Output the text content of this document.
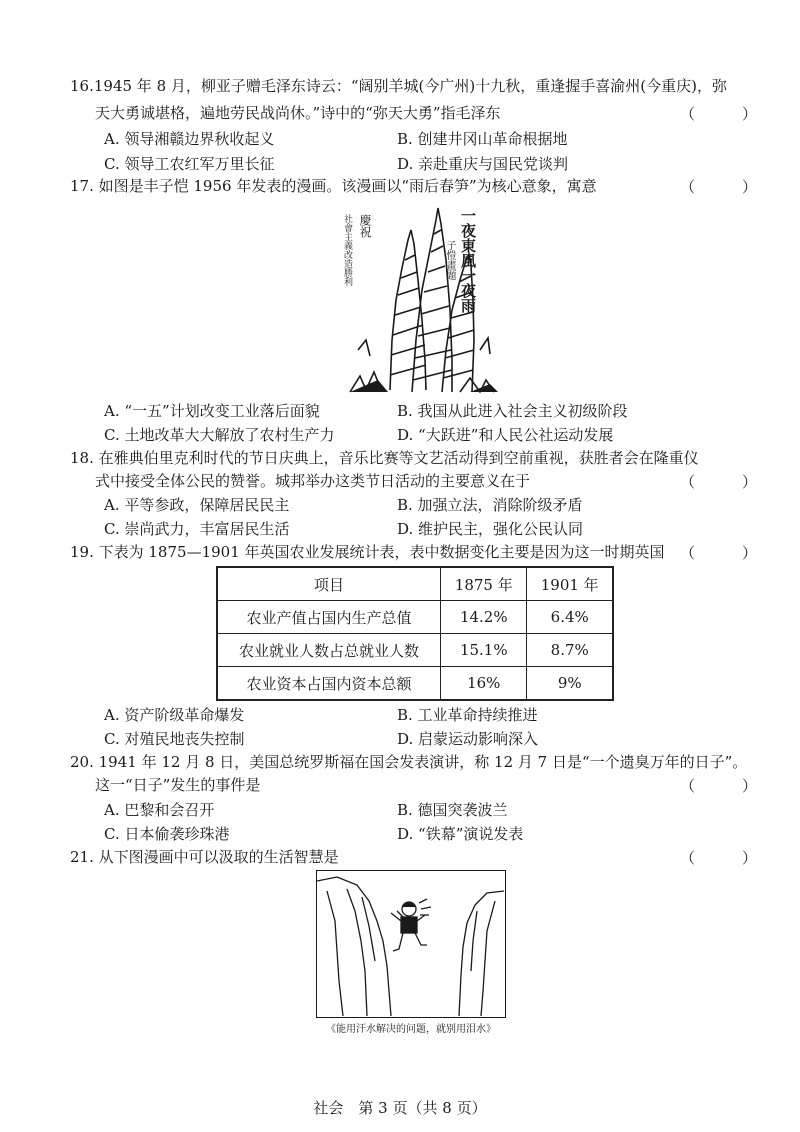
16.1945 年 8 月，柳亚子赠毛泽东诗云：“阔别羊城(今广州)十九秋，重逢握手喜渝州(今重庆)，弥
天大勇诚堪格，遍地劳民战尚休。”诗中的“弥天大勇”指毛泽东	（　）
A. 领导湘赣边界秋收起义	B. 创建井冈山革命根据地
C. 领导工农红军万里长征	D. 亲赴重庆与国民党谈判
17. 如图是丰子恺 1956 年发表的漫画。该漫画以“雨后春笋”为核心意象，寓意	（　）
慶祝
社會主義改造勝利	一夜東風一夜雨
子愷畫題
A. “一五”计划改变工业落后面貌	B. 我国从此进入社会主义初级阶段
C. 土地改革大大解放了农村生产力	D. “大跃进”和人民公社运动发展
18. 在雅典伯里克利时代的节日庆典上，音乐比赛等文艺活动得到空前重视，获胜者会在隆重仪
式中接受全体公民的赞誉。城邦举办这类节日活动的主要意义在于	（　）
A. 平等参政，保障居民民主	B. 加强立法，消除阶级矛盾
C. 崇尚武力，丰富居民生活	D. 维护民主，强化公民认同
19. 下表为 1875—1901 年英国农业发展统计表，表中数据变化主要是因为这一时期英国	（　）
项目	1875 年	1901 年
农业产值占国内生产总值	14.2%	6.4%
农业就业人数占总就业人数	15.1%	8.7%
农业资本占国内资本总额	16%	9%
A. 资产阶级革命爆发	B. 工业革命持续推进
C. 对殖民地丧失控制	D. 启蒙运动影响深入
20. 1941 年 12 月 8 日，美国总统罗斯福在国会发表演讲，称 12 月 7 日是“一个遗臭万年的日子”。
这一“日子”发生的事件是	（　）
A. 巴黎和会召开	B. 德国突袭波兰
C. 日本偷袭珍珠港	D. “铁幕”演说发表
21. 从下图漫画中可以汲取的生活智慧是	（　）
《能用汗水解决的问题，就别用泪水》
社会　第 3 页（共 8 页）
